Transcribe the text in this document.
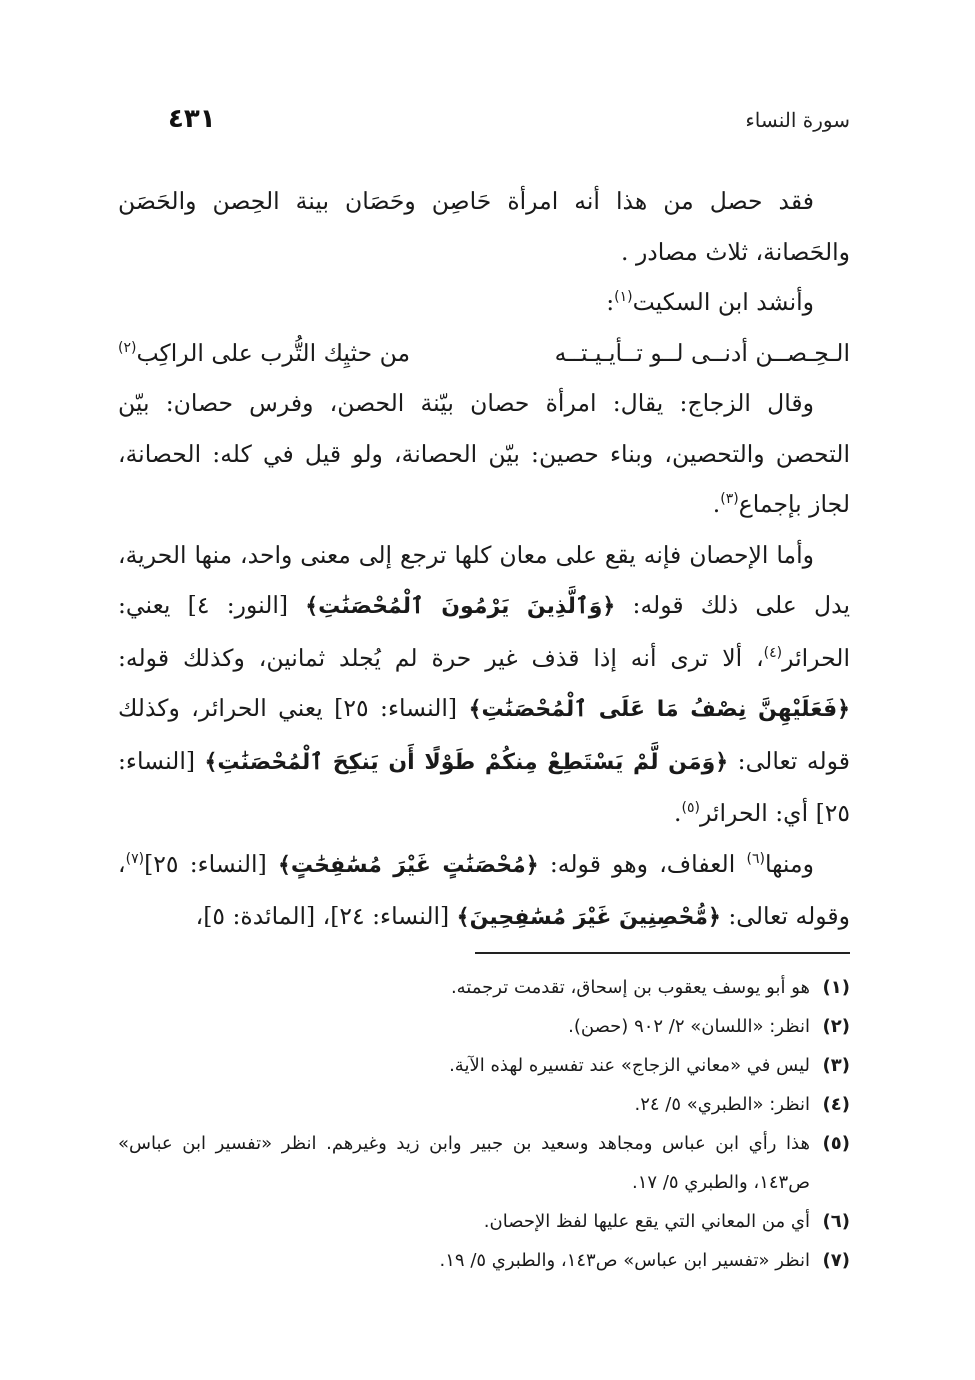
سورة النساء
٤٣١

فقد حصل من هذا أنه امرأة حَاصِن وحَصَان بينة الحِصن والحَصَن والحَصانة، ثلاث مصادر .

وأنشد ابن السكيت$^{(١)}$:

الـحِـصــن أدنــى لــو تــأيـيـتــه
من حثيِك التُّرب على الراكِب$^{(٢)}$

وقال الزجاج: يقال: امرأة حصان بيّنة الحصن، وفرس حصان: بيّن التحصن والتحصين، وبناء حصين: بيّن الحصانة، ولو قيل في كله: الحصانة، لجاز بإجماع$^{(٣)}$.

وأما الإحصان فإنه يقع على معان كلها ترجع إلى معنى واحد، منها الحرية، يدل على ذلك قوله: ﴿وَٱلَّذِينَ يَرْمُونَ ٱلْمُحْصَنَٰتِ﴾ [النور: ٤] يعني: الحرائر$^{(٤)}$، ألا ترى أنه إذا قذف غير حرة لم يُجلد ثمانين، وكذلك قوله: ﴿فَعَلَيْهِنَّ نِصْفُ مَا عَلَى ٱلْمُحْصَنَٰتِ﴾ [النساء: ٢٥] يعني الحرائر، وكذلك قوله تعالى: ﴿وَمَن لَّمْ يَسْتَطِعْ مِنكُمْ طَوْلًا أَن يَنكِحَ ٱلْمُحْصَنَٰتِ﴾ [النساء: ٢٥] أي: الحرائر$^{(٥)}$.

ومنها$^{(٦)}$ العفاف، وهو قوله: ﴿مُحْصَنَٰتٍ غَيْرَ مُسَٰفِحَٰتٍ﴾ [النساء: ٢٥]$^{(٧)}$، وقوله تعالى: ﴿مُّحْصِنِينَ غَيْرَ مُسَٰفِحِينَ﴾ [النساء: ٢٤]، [المائدة: ٥]،

(١)
هو أبو يوسف يعقوب بن إسحاق، تقدمت ترجمته.
(٢)
انظر: «اللسان» ٢/ ٩٠٢ (حصن).
(٣)
ليس في «معاني الزجاج» عند تفسيره لهذه الآية.
(٤)
انظر: «الطبري» ٥/ ٢٤.
(٥)
هذا رأي ابن عباس ومجاهد وسعيد بن جبير وابن زيد وغيرهم. انظر «تفسير ابن عباس» ص١٤٣، والطبري ٥/ ١٧.
(٦)
أي من المعاني التي يقع عليها لفظ الإحصان.
(٧)
انظر «تفسير ابن عباس» ص١٤٣، والطبري ٥/ ١٩.
